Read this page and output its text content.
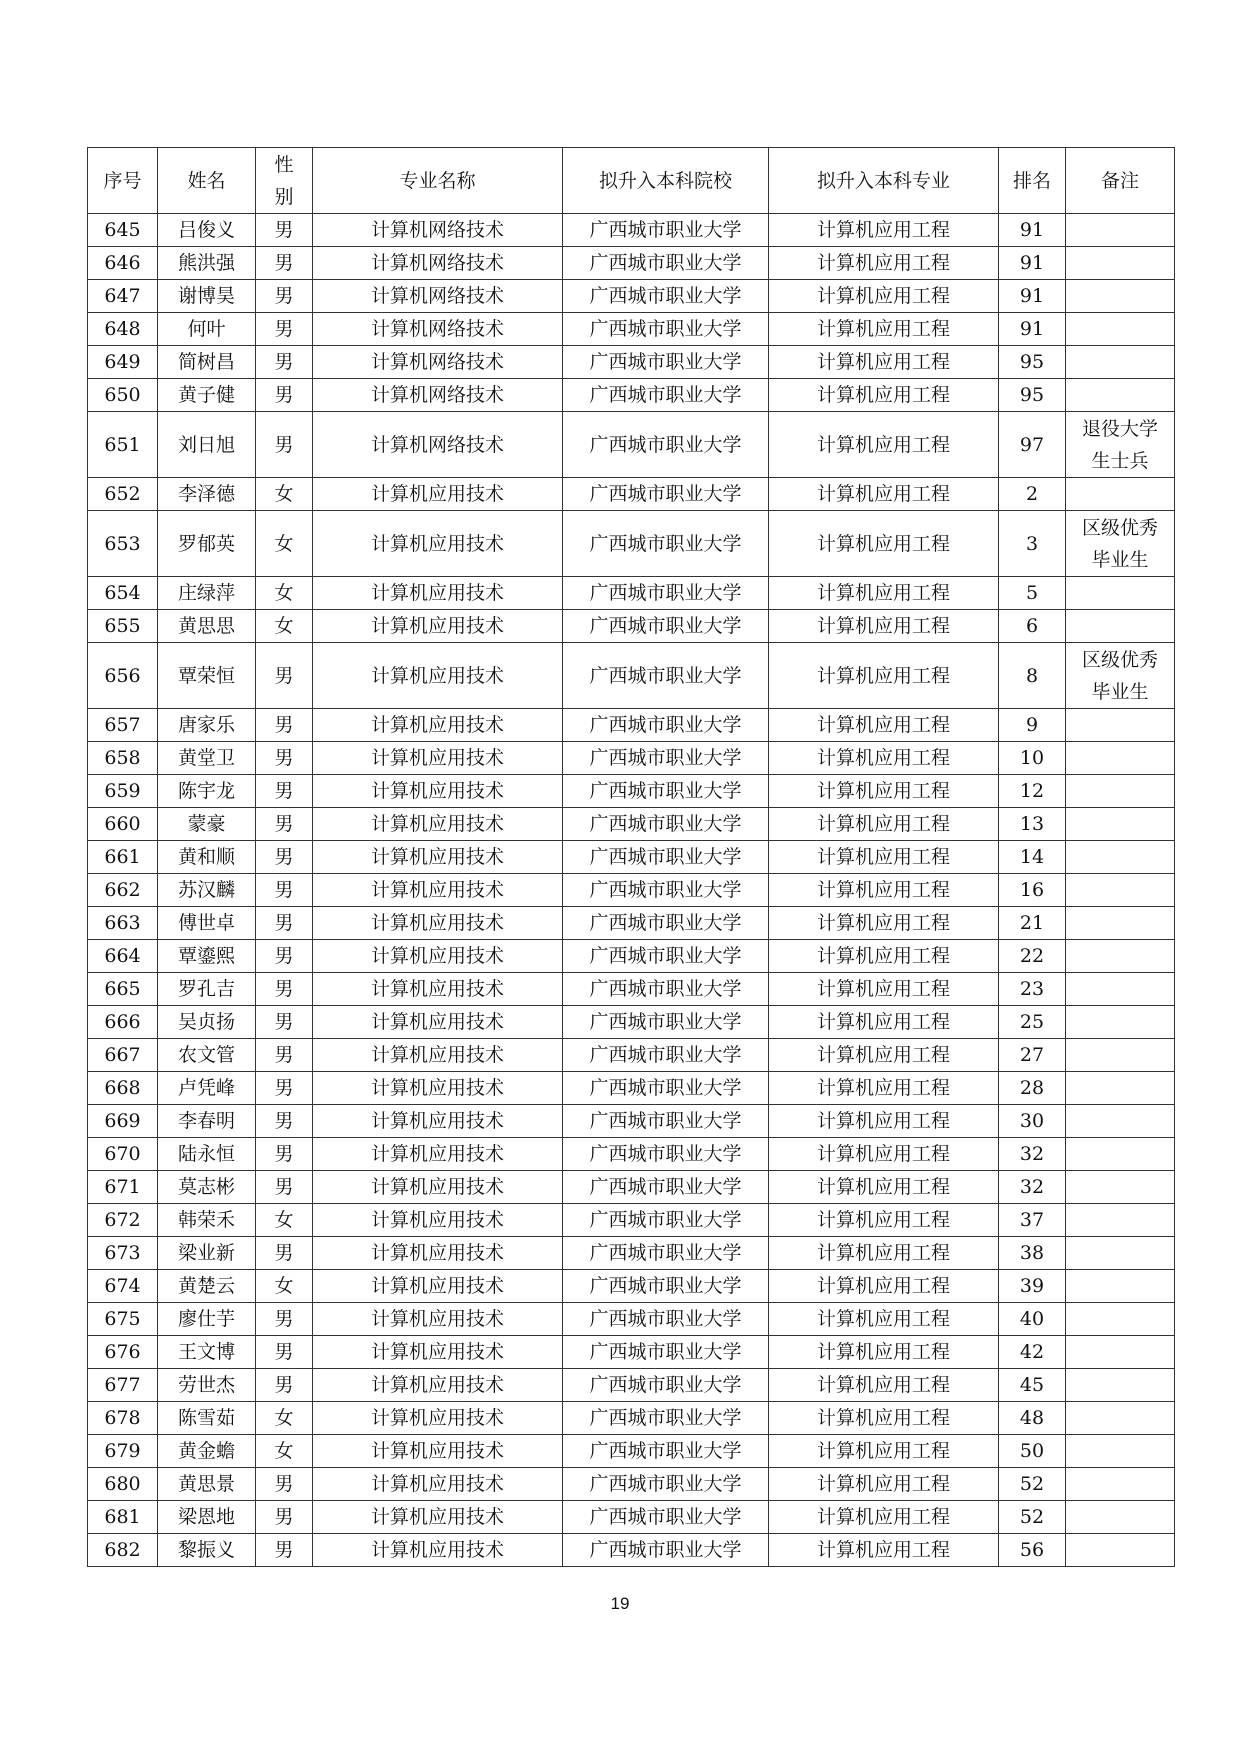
序号	姓名	性别	专业名称	拟升入本科院校	拟升入本科专业	排名	备注
645	吕俊义	男	计算机网络技术	广西城市职业大学	计算机应用工程	91	
646	熊洪强	男	计算机网络技术	广西城市职业大学	计算机应用工程	91	
647	谢博昊	男	计算机网络技术	广西城市职业大学	计算机应用工程	91	
648	何叶	男	计算机网络技术	广西城市职业大学	计算机应用工程	91	
649	简树昌	男	计算机网络技术	广西城市职业大学	计算机应用工程	95	
650	黄子健	男	计算机网络技术	广西城市职业大学	计算机应用工程	95	
651	刘日旭	男	计算机网络技术	广西城市职业大学	计算机应用工程	97	退役大学生士兵
652	李泽德	女	计算机应用技术	广西城市职业大学	计算机应用工程	2	
653	罗郁英	女	计算机应用技术	广西城市职业大学	计算机应用工程	3	区级优秀毕业生
654	庄绿萍	女	计算机应用技术	广西城市职业大学	计算机应用工程	5	
655	黄思思	女	计算机应用技术	广西城市职业大学	计算机应用工程	6	
656	覃荣恒	男	计算机应用技术	广西城市职业大学	计算机应用工程	8	区级优秀毕业生
657	唐家乐	男	计算机应用技术	广西城市职业大学	计算机应用工程	9	
658	黄堂卫	男	计算机应用技术	广西城市职业大学	计算机应用工程	10	
659	陈宇龙	男	计算机应用技术	广西城市职业大学	计算机应用工程	12	
660	蒙豪	男	计算机应用技术	广西城市职业大学	计算机应用工程	13	
661	黄和顺	男	计算机应用技术	广西城市职业大学	计算机应用工程	14	
662	苏汉麟	男	计算机应用技术	广西城市职业大学	计算机应用工程	16	
663	傅世卓	男	计算机应用技术	广西城市职业大学	计算机应用工程	21	
664	覃鎏熙	男	计算机应用技术	广西城市职业大学	计算机应用工程	22	
665	罗孔吉	男	计算机应用技术	广西城市职业大学	计算机应用工程	23	
666	吴贞扬	男	计算机应用技术	广西城市职业大学	计算机应用工程	25	
667	农文管	男	计算机应用技术	广西城市职业大学	计算机应用工程	27	
668	卢凭峰	男	计算机应用技术	广西城市职业大学	计算机应用工程	28	
669	李春明	男	计算机应用技术	广西城市职业大学	计算机应用工程	30	
670	陆永恒	男	计算机应用技术	广西城市职业大学	计算机应用工程	32	
671	莫志彬	男	计算机应用技术	广西城市职业大学	计算机应用工程	32	
672	韩荣禾	女	计算机应用技术	广西城市职业大学	计算机应用工程	37	
673	梁业新	男	计算机应用技术	广西城市职业大学	计算机应用工程	38	
674	黄楚云	女	计算机应用技术	广西城市职业大学	计算机应用工程	39	
675	廖仕芋	男	计算机应用技术	广西城市职业大学	计算机应用工程	40	
676	王文博	男	计算机应用技术	广西城市职业大学	计算机应用工程	42	
677	劳世杰	男	计算机应用技术	广西城市职业大学	计算机应用工程	45	
678	陈雪茹	女	计算机应用技术	广西城市职业大学	计算机应用工程	48	
679	黄金蟾	女	计算机应用技术	广西城市职业大学	计算机应用工程	50	
680	黄思景	男	计算机应用技术	广西城市职业大学	计算机应用工程	52	
681	梁恩地	男	计算机应用技术	广西城市职业大学	计算机应用工程	52	
682	黎振义	男	计算机应用技术	广西城市职业大学	计算机应用工程	56	
19
